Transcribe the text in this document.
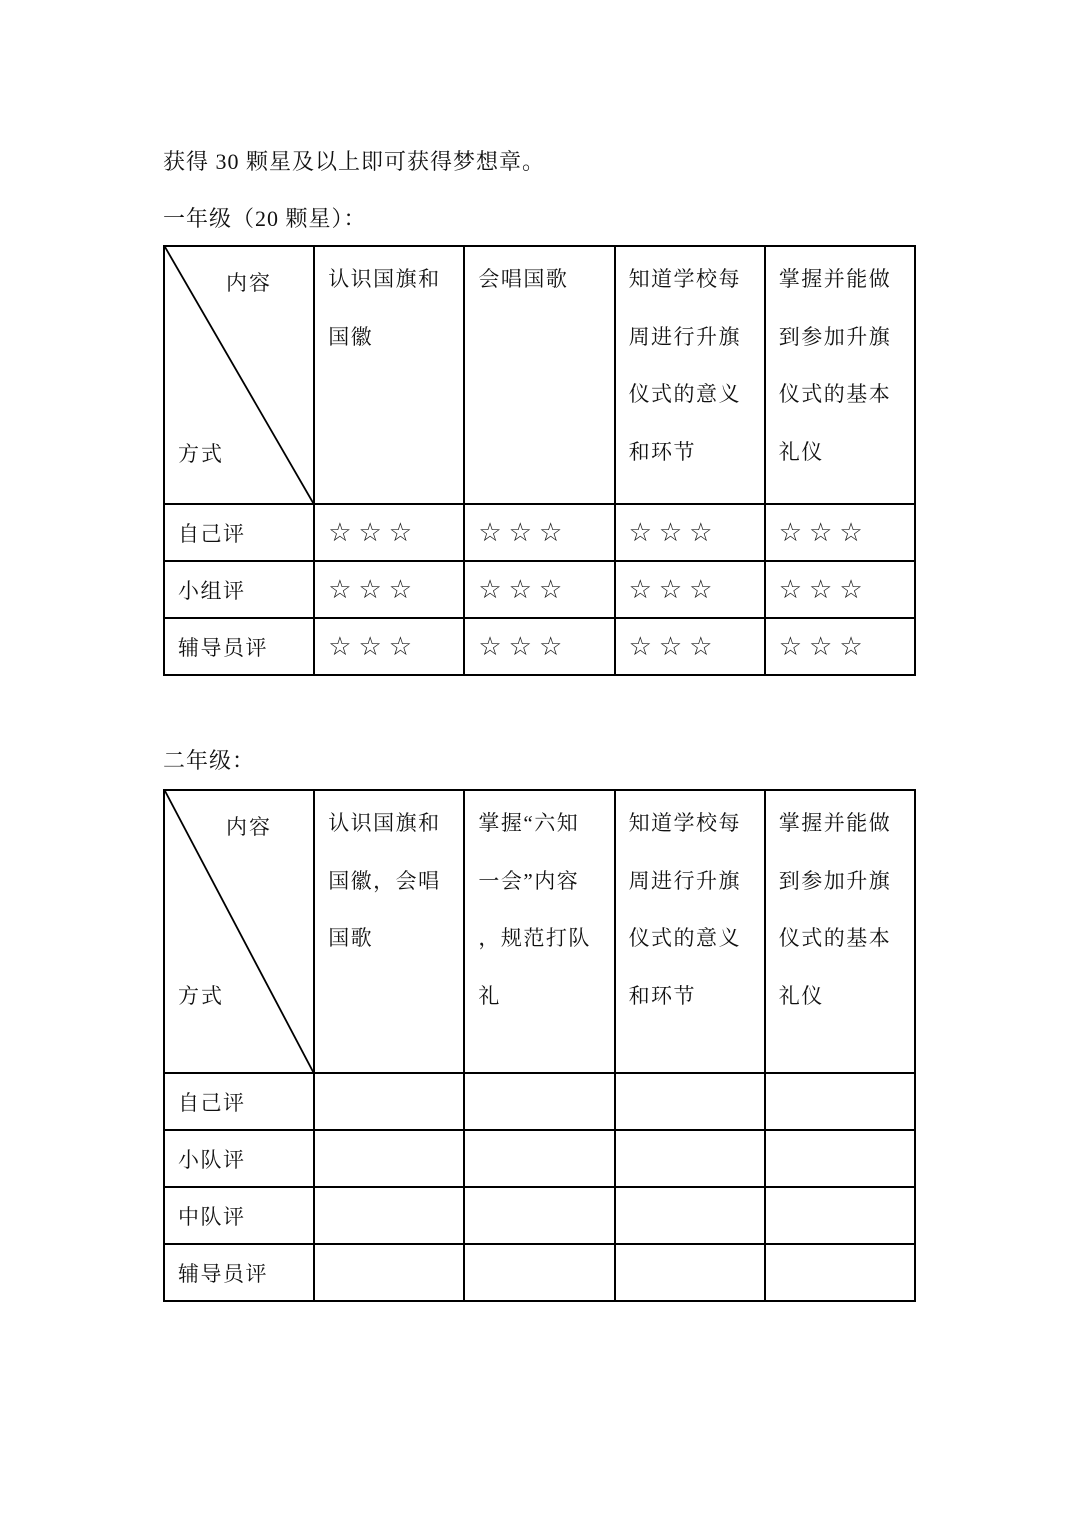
获得 30 颗星及以上即可获得梦想章。

一年级（20 颗星）：

内容
方式	认识国旗和国徽	会唱国歌	知道学校每周进行升旗仪式的意义和环节	掌握并能做到参加升旗仪式的基本礼仪
自己评	☆☆☆	☆☆☆	☆☆☆	☆☆☆
小组评	☆☆☆	☆☆☆	☆☆☆	☆☆☆
辅导员评	☆☆☆	☆☆☆	☆☆☆	☆☆☆

二年级：

内容
方式	认识国旗和国徽，会唱国歌	掌握“六知一会”内容，规范打队礼	知道学校每周进行升旗仪式的意义和环节	掌握并能做到参加升旗仪式的基本礼仪
自己评				
小队评				
中队评				
辅导员评				
